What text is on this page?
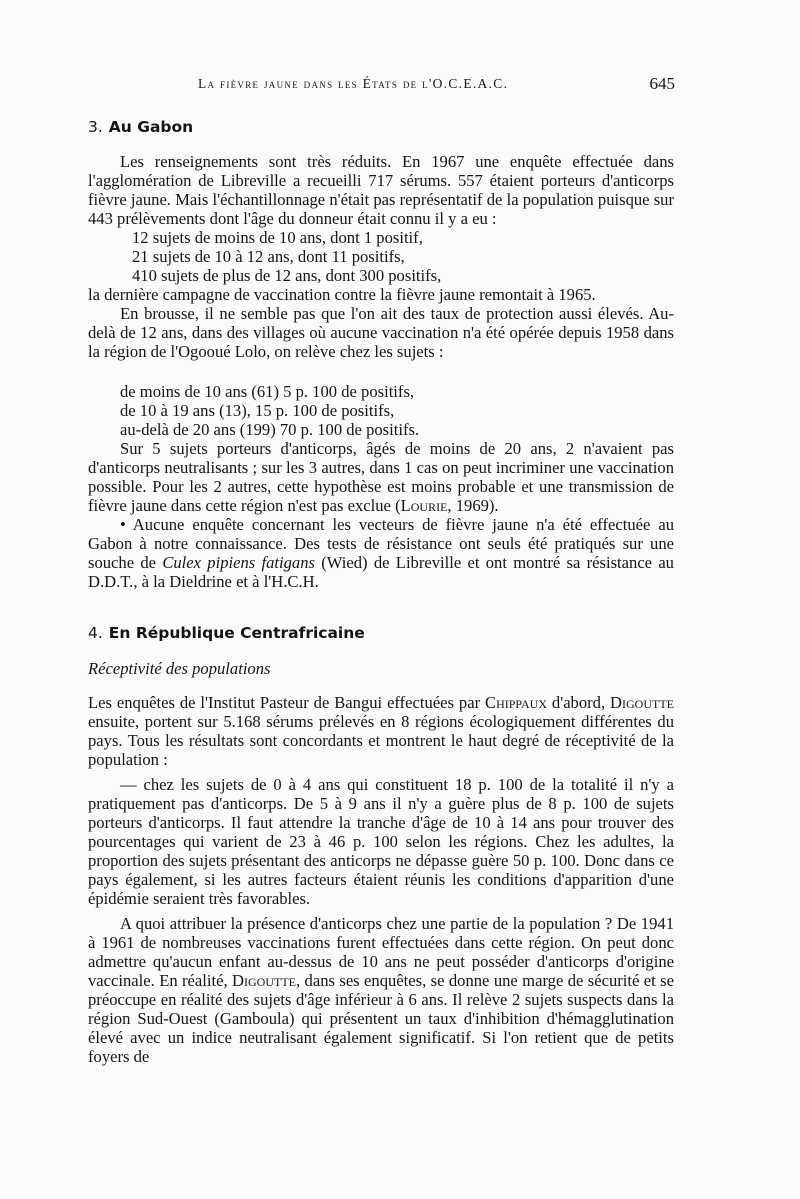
La fièvre jaune dans les États de l'O.C.E.A.C.	645
3. Au Gabon

Les renseignements sont très réduits. En 1967 une enquête effectuée dans l'agglomération de Libreville a recueilli 717 sérums. 557 étaient porteurs d'anticorps fièvre jaune. Mais l'échantillonnage n'était pas représentatif de la population puisque sur 443 prélèvements dont l'âge du donneur était connu il y a eu :

12 sujets de moins de 10 ans, dont 1 positif,
21 sujets de 10 à 12 ans, dont 11 positifs,
410 sujets de plus de 12 ans, dont 300 positifs,

la dernière campagne de vaccination contre la fièvre jaune remontait à 1965.

En brousse, il ne semble pas que l'on ait des taux de protection aussi élevés. Au-delà de 12 ans, dans des villages où aucune vaccination n'a été opérée depuis 1958 dans la région de l'Ogooué Lolo, on relève chez les sujets :

de moins de 10 ans (61) 5 p. 100 de positifs,
de 10 à 19 ans (13), 15 p. 100 de positifs,
au-delà de 20 ans (199) 70 p. 100 de positifs.

Sur 5 sujets porteurs d'anticorps, âgés de moins de 20 ans, 2 n'avaient pas d'anticorps neutralisants ; sur les 3 autres, dans 1 cas on peut incriminer une vaccination possible. Pour les 2 autres, cette hypothèse est moins probable et une transmission de fièvre jaune dans cette région n'est pas exclue (Lourie, 1969).

• Aucune enquête concernant les vecteurs de fièvre jaune n'a été effectuée au Gabon à notre connaissance. Des tests de résistance ont seuls été pratiqués sur une souche de Culex pipiens fatigans (Wied) de Libreville et ont montré sa résistance au D.D.T., à la Dieldrine et à l'H.C.H.

4. En République Centrafricaine

Réceptivité des populations

Les enquêtes de l'Institut Pasteur de Bangui effectuées par Chippaux d'abord, Digoutte ensuite, portent sur 5.168 sérums prélevés en 8 régions écologiquement différentes du pays. Tous les résultats sont concordants et montrent le haut degré de réceptivité de la population :

— chez les sujets de 0 à 4 ans qui constituent 18 p. 100 de la totalité il n'y a pratiquement pas d'anticorps. De 5 à 9 ans il n'y a guère plus de 8 p. 100 de sujets porteurs d'anticorps. Il faut attendre la tranche d'âge de 10 à 14 ans pour trouver des pourcentages qui varient de 23 à 46 p. 100 selon les régions. Chez les adultes, la proportion des sujets présentant des anticorps ne dépasse guère 50 p. 100. Donc dans ce pays également, si les autres facteurs étaient réunis les conditions d'apparition d'une épidémie seraient très favorables.

A quoi attribuer la présence d'anticorps chez une partie de la population ? De 1941 à 1961 de nombreuses vaccinations furent effectuées dans cette région. On peut donc admettre qu'aucun enfant au-dessus de 10 ans ne peut posséder d'anticorps d'origine vaccinale. En réalité, Digoutte, dans ses enquêtes, se donne une marge de sécurité et se préoccupe en réalité des sujets d'âge inférieur à 6 ans. Il relève 2 sujets suspects dans la région Sud-Ouest (Gamboula) qui présentent un taux d'inhibition d'hémagglutination élevé avec un indice neutralisant également significatif. Si l'on retient que de petits foyers de
